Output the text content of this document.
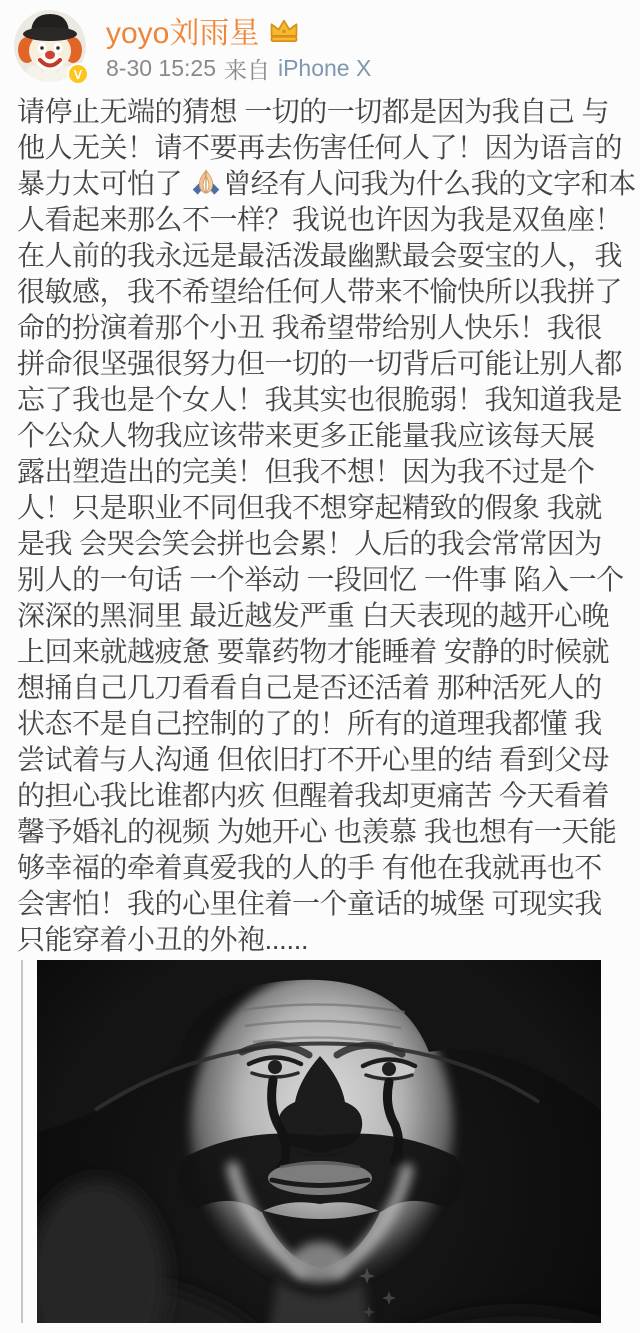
V
yoyo刘雨星
8-30 15:25 来自 iPhone X
请停止无端的猜想 一切的一切都是因为我自己 与
他人无关！请不要再去伤害任何人了！因为语言的
暴力太可怕了 曾经有人问我为什么我的文字和本
人看起来那么不一样？我说也许因为我是双鱼座！
在人前的我永远是最活泼最幽默最会耍宝的人，我
很敏感，我不希望给任何人带来不愉快所以我拼了
命的扮演着那个小丑 我希望带给别人快乐！我很
拼命很坚强很努力但一切的一切背后可能让别人都
忘了我也是个女人！我其实也很脆弱！我知道我是
个公众人物我应该带来更多正能量我应该每天展
露出塑造出的完美！但我不想！因为我不过是个
人！只是职业不同但我不想穿起精致的假象 我就
是我 会哭会笑会拼也会累！人后的我会常常因为
别人的一句话 一个举动 一段回忆 一件事 陷入一个
深深的黑洞里 最近越发严重 白天表现的越开心晚
上回来就越疲惫 要靠药物才能睡着 安静的时候就
想捅自己几刀看看自己是否还活着 那种活死人的
状态不是自己控制的了的！所有的道理我都懂 我
尝试着与人沟通 但依旧打不开心里的结 看到父母
的担心我比谁都内疚 但醒着我却更痛苦 今天看着
馨予婚礼的视频 为她开心 也羡慕 我也想有一天能
够幸福的牵着真爱我的人的手 有他在我就再也不
会害怕！我的心里住着一个童话的城堡 可现实我
只能穿着小丑的外袍......
